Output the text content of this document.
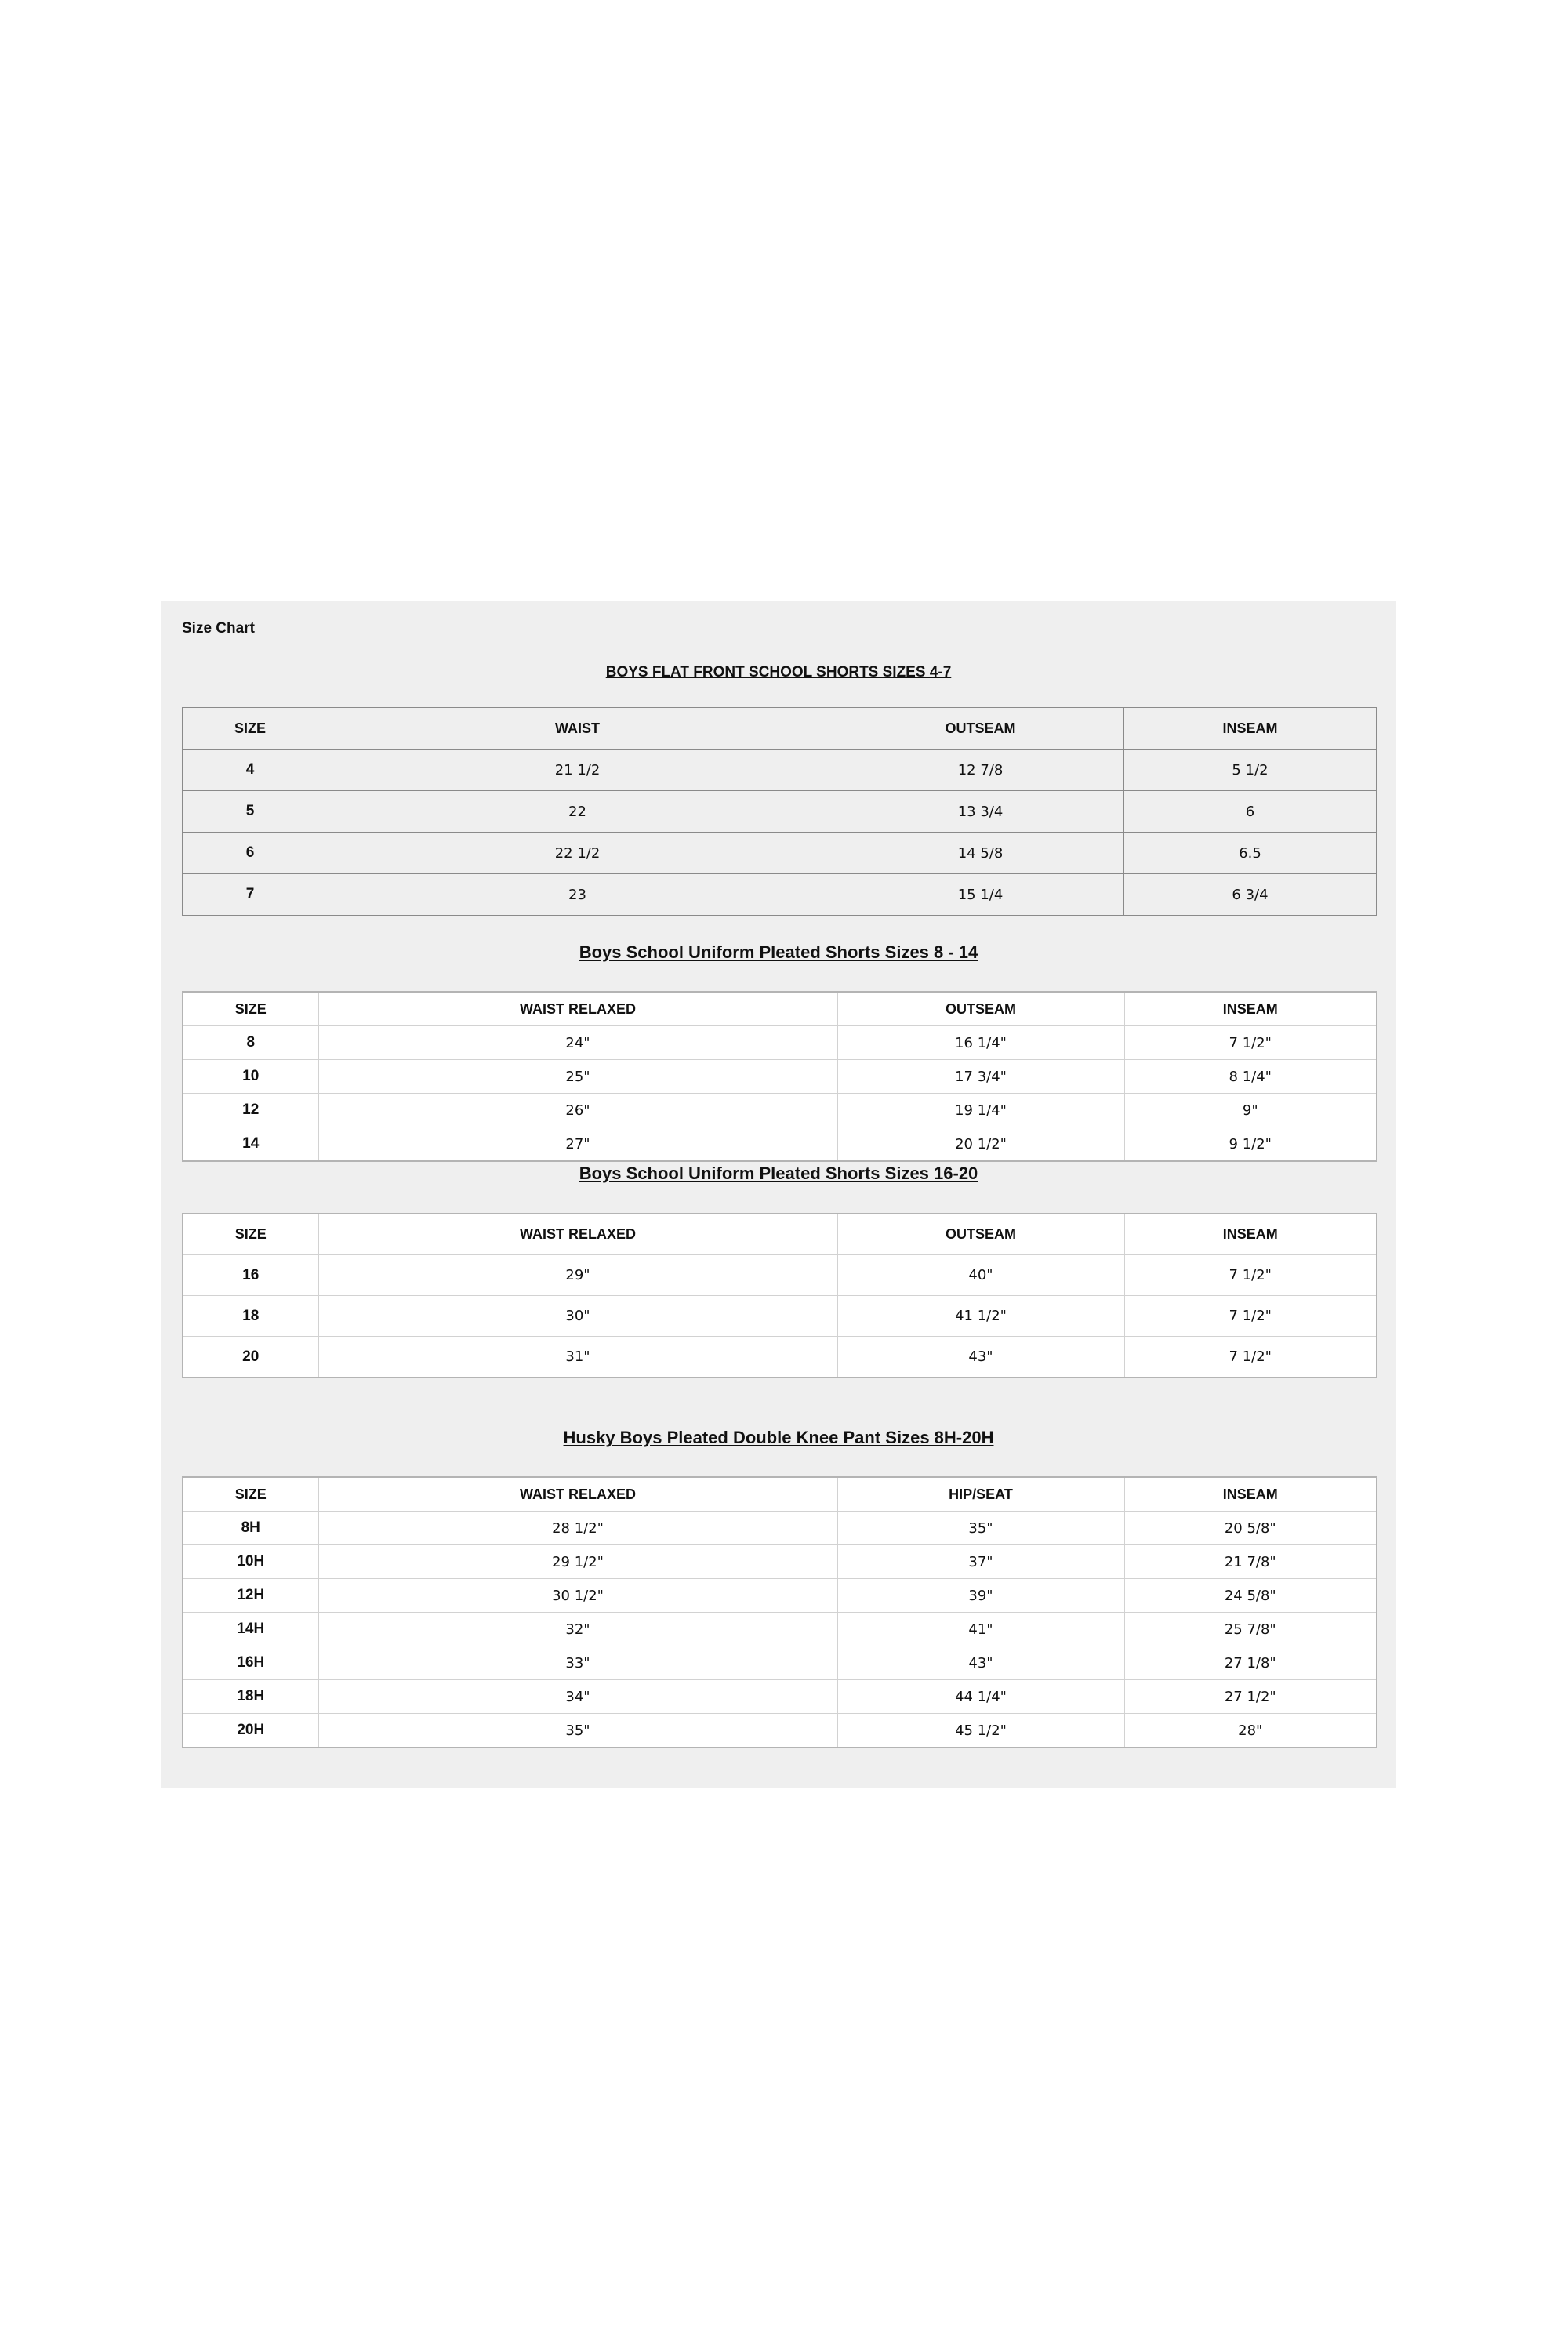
Size Chart
BOYS FLAT FRONT SCHOOL SHORTS SIZES 4-7
SIZE	WAIST	OUTSEAM	INSEAM
4	21 1/2	12 7/8	5 1/2
5	22	13 3/4	6
6	22 1/2	14 5/8	6.5
7	23	15 1/4	6 3/4
Boys School Uniform Pleated Shorts Sizes 8 - 14
SIZE	WAIST RELAXED	OUTSEAM	INSEAM
8	24"	16 1/4"	7 1/2"
10	25"	17 3/4"	8 1/4"
12	26"	19 1/4"	9"
14	27"	20 1/2"	9 1/2"
Boys School Uniform Pleated Shorts Sizes 16-20
SIZE	WAIST RELAXED	OUTSEAM	INSEAM
16	29"	40"	7 1/2"
18	30"	41 1/2"	7 1/2"
20	31"	43"	7 1/2"
Husky Boys Pleated Double Knee Pant Sizes 8H-20H
SIZE	WAIST RELAXED	HIP/SEAT	INSEAM
8H	28 1/2"	35"	20 5/8"
10H	29 1/2"	37"	21 7/8"
12H	30 1/2"	39"	24 5/8"
14H	32"	41"	25 7/8"
16H	33"	43"	27 1/8"
18H	34"	44 1/4"	27 1/2"
20H	35"	45 1/2"	28"
